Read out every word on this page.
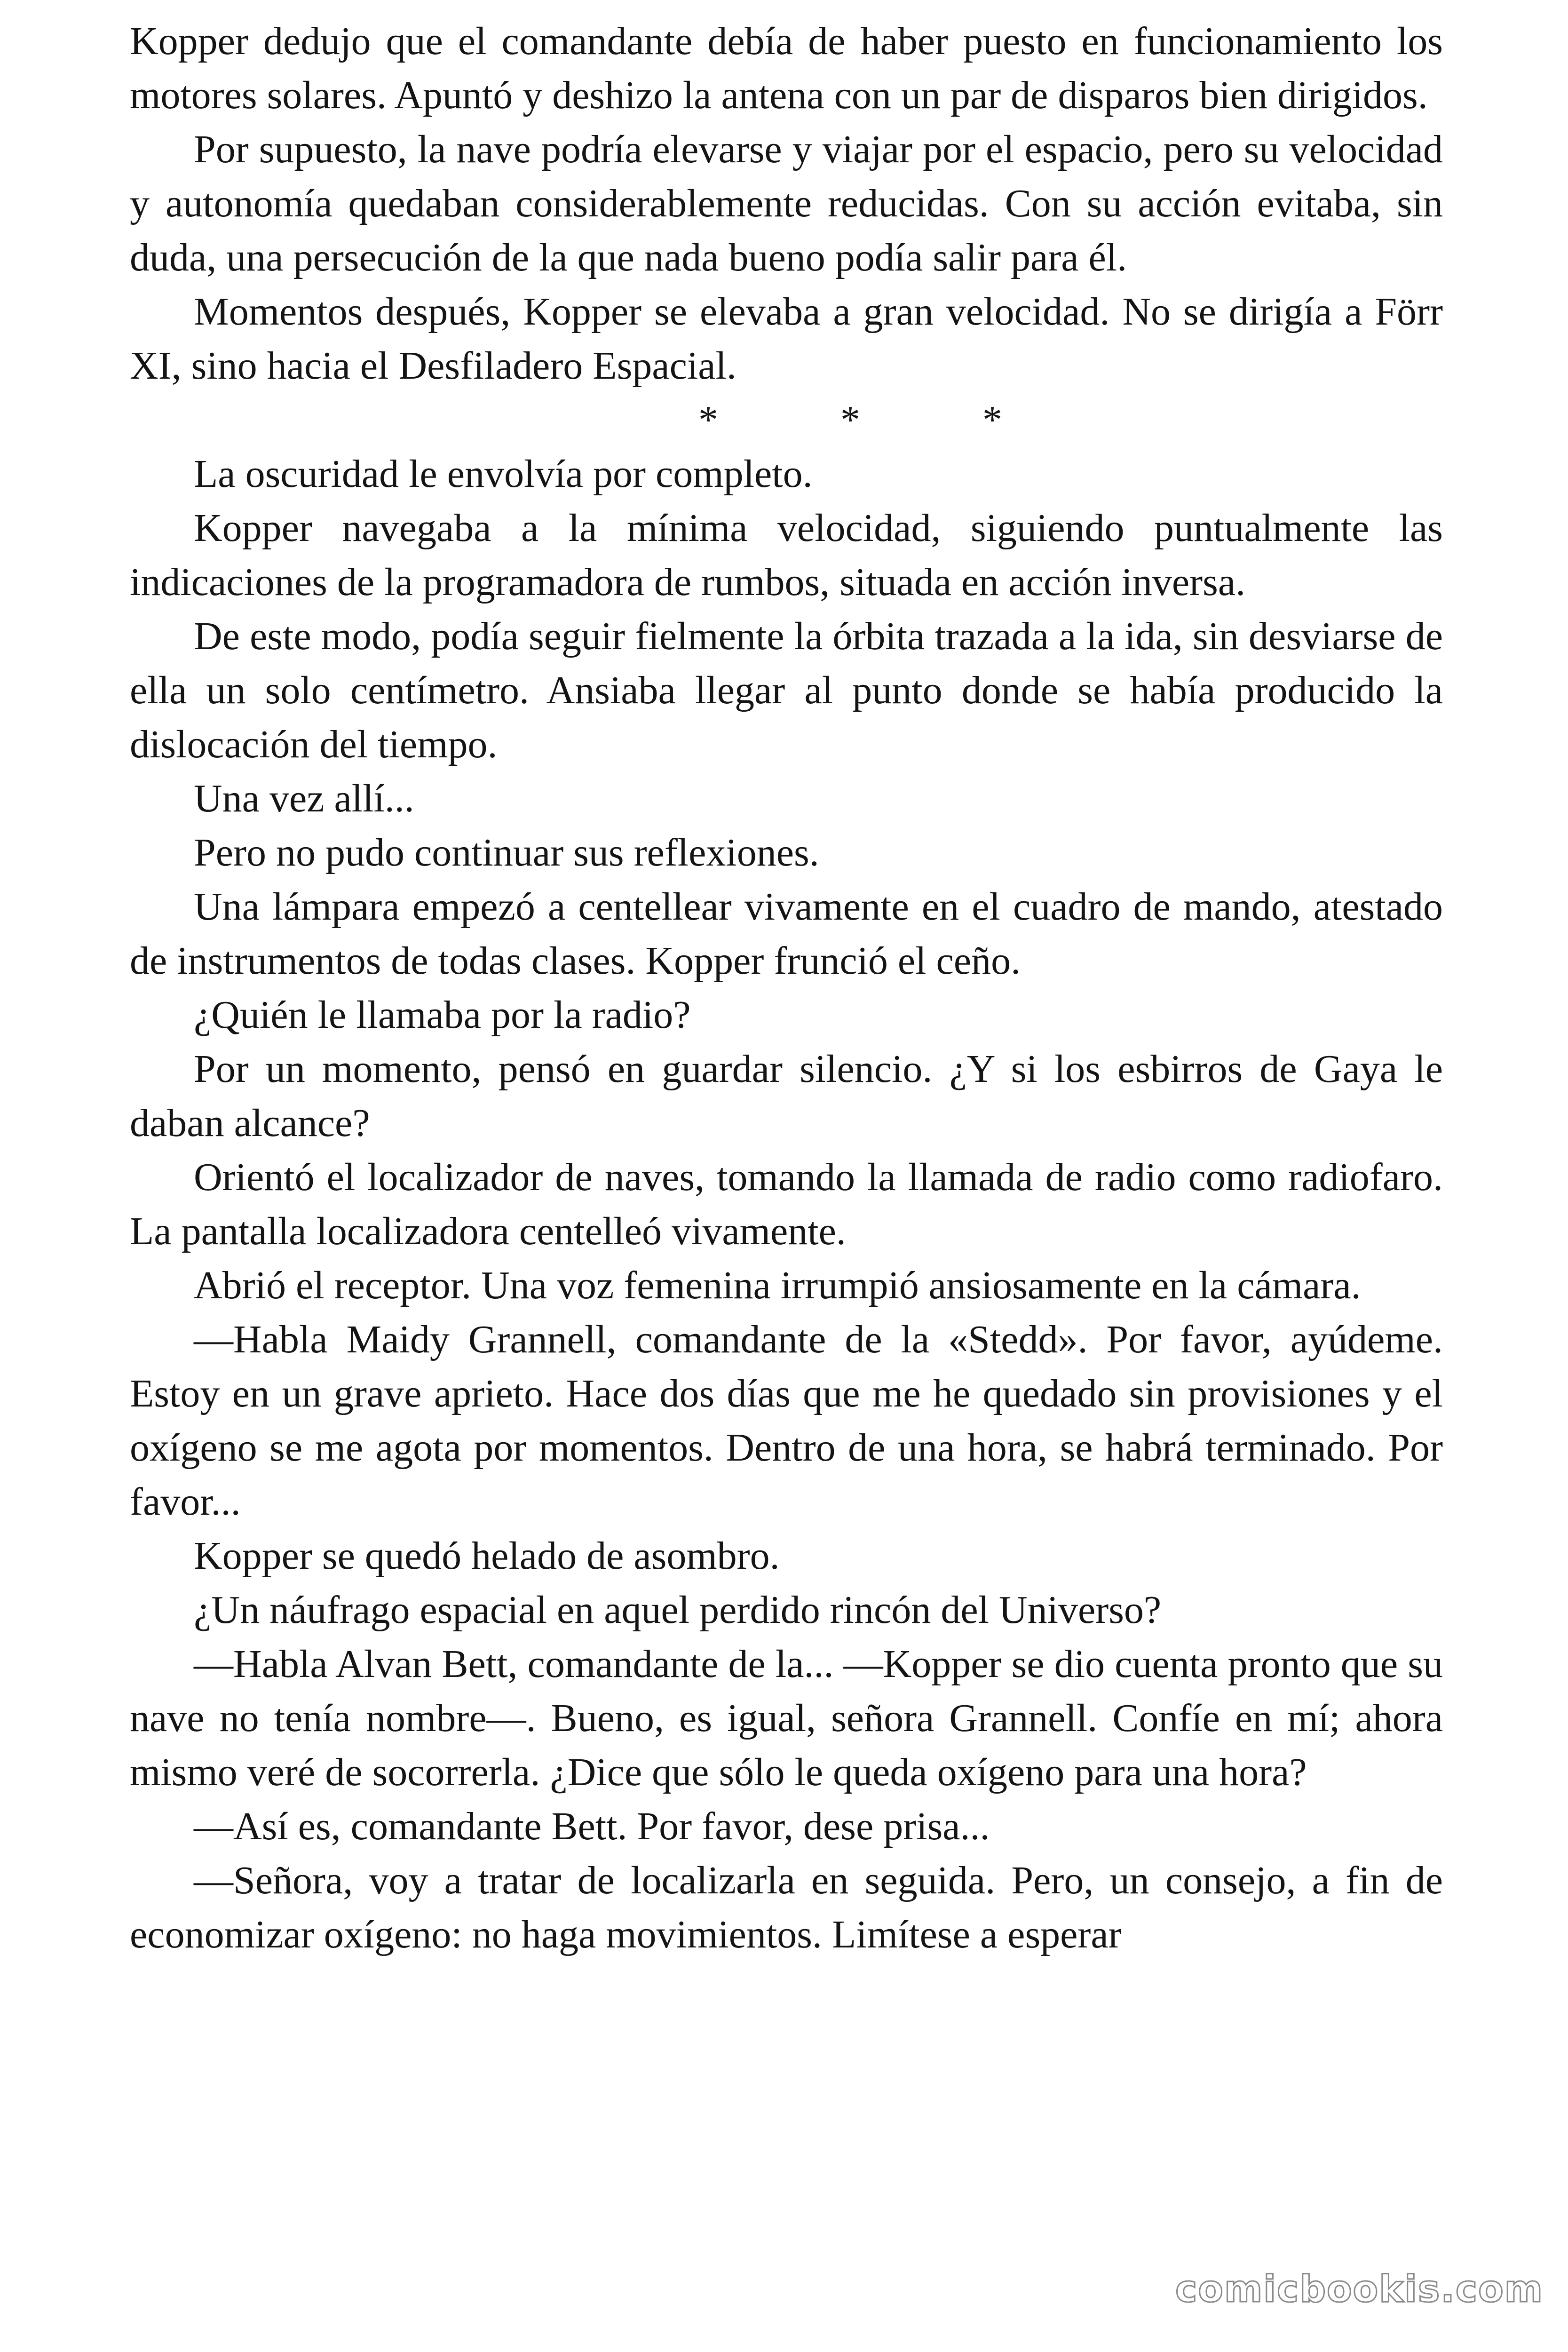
Kopper dedujo que el comandante debía de haber puesto en funcionamiento los motores solares. Apuntó y deshizo la antena con un par de disparos bien dirigidos.

Por supuesto, la nave podría elevarse y viajar por el espacio, pero su velocidad y autonomía quedaban considerablemente reducidas. Con su acción evitaba, sin duda, una persecución de la que nada bueno podía salir para él.

Momentos después, Kopper se elevaba a gran velocidad. No se dirigía a Förr XI, sino hacia el Desfiladero Espacial.

*	*	*

La oscuridad le envolvía por completo.

Kopper navegaba a la mínima velocidad, siguiendo puntualmente las indicaciones de la programadora de rumbos, situada en acción inversa.

De este modo, podía seguir fielmente la órbita trazada a la ida, sin desviarse de ella un solo centímetro. Ansiaba llegar al punto donde se había producido la dislocación del tiempo.

Una vez allí...

Pero no pudo continuar sus reflexiones.

Una lámpara empezó a centellear vivamente en el cuadro de mando, atestado de instrumentos de todas clases. Kopper frunció el ceño.

¿Quién le llamaba por la radio?

Por un momento, pensó en guardar silencio. ¿Y si los esbirros de Gaya le daban alcance?

Orientó el localizador de naves, tomando la llamada de radio como radiofaro. La pantalla localizadora centelleó vivamente.

Abrió el receptor. Una voz femenina irrumpió ansiosamente en la cámara.

—Habla Maidy Grannell, comandante de la «Stedd». Por favor, ayúdeme. Estoy en un grave aprieto. Hace dos días que me he quedado sin provisiones y el oxígeno se me agota por momentos. Dentro de una hora, se habrá terminado. Por favor...

Kopper se quedó helado de asombro.

¿Un náufrago espacial en aquel perdido rincón del Universo?

—Habla Alvan Bett, comandante de la... —Kopper se dio cuenta pronto que su nave no tenía nombre—. Bueno, es igual, señora Grannell. Confíe en mí; ahora mismo veré de socorrerla. ¿Dice que sólo le queda oxígeno para una hora?

—Así es, comandante Bett. Por favor, dese prisa...

—Señora, voy a tratar de localizarla en seguida. Pero, un consejo, a fin de economizar oxígeno: no haga movimientos. Limítese a esperar

comicbookis.com
